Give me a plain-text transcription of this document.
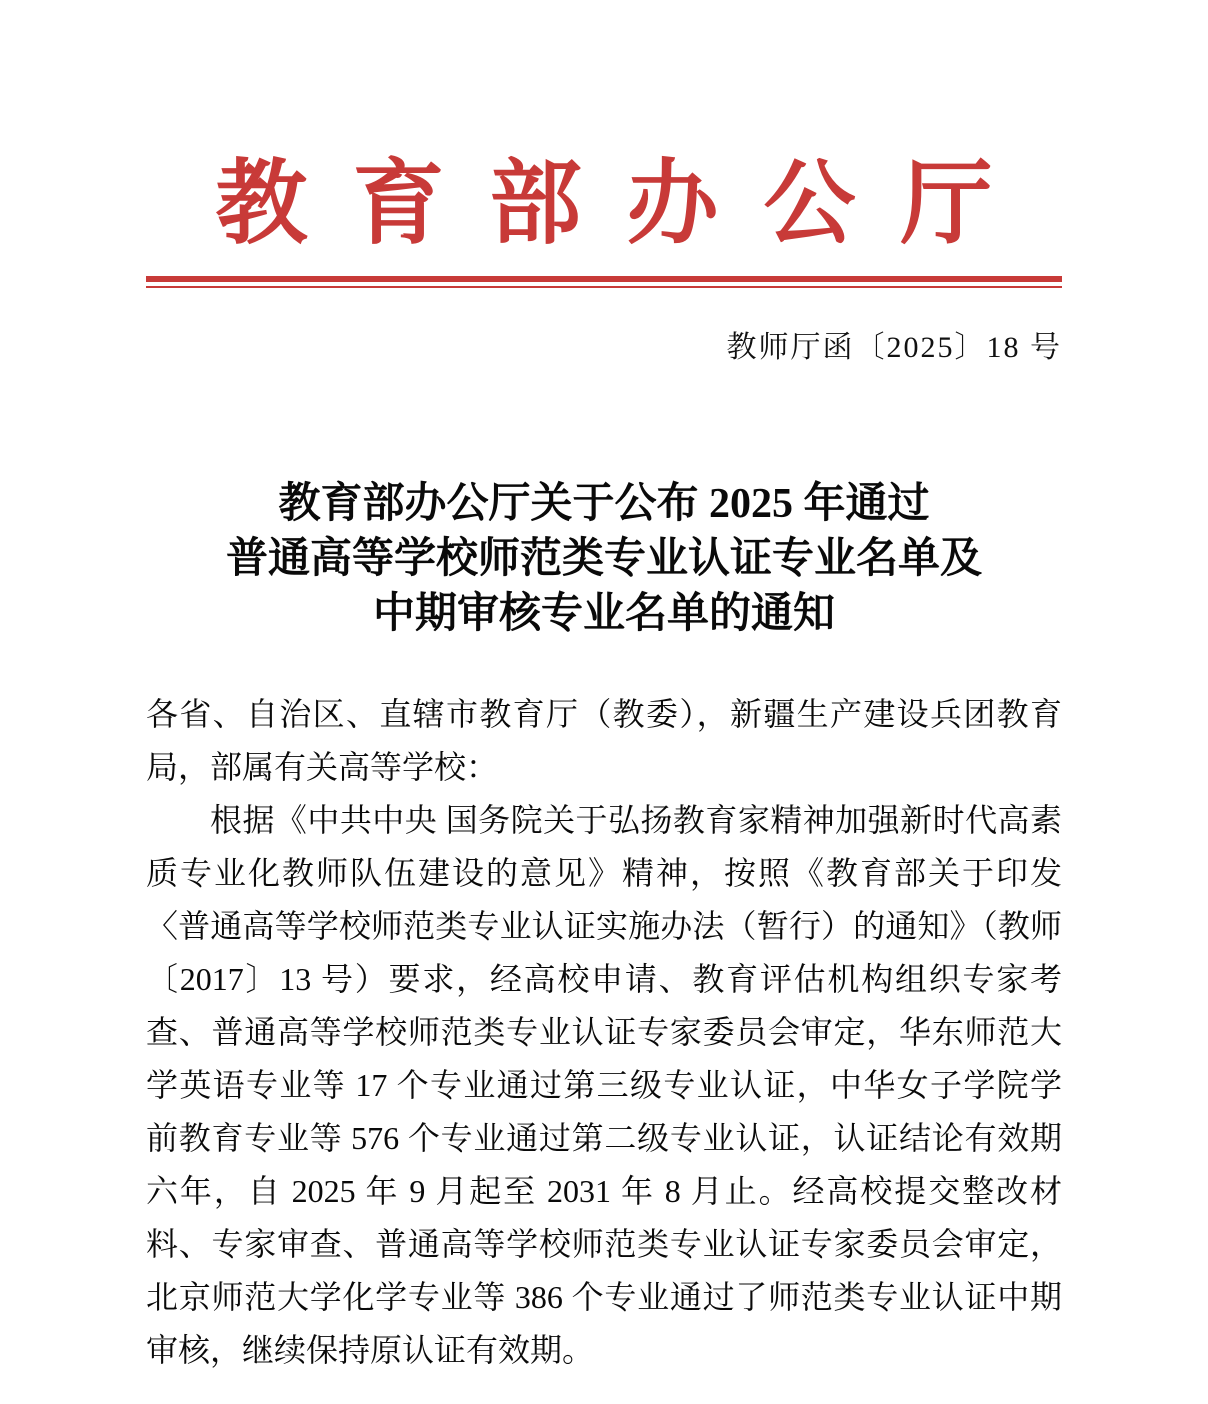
教育部办公厅
教师厅函〔2025〕18 号
教育部办公厅关于公布 2025 年通过
普通高等学校师范类专业认证专业名单及
中期审核专业名单的通知
各省、自治区、直辖市教育厅（教委），新疆生产建设兵团教育
局，部属有关高等学校：
根据《中共中央 国务院关于弘扬教育家精神加强新时代高素
质专业化教师队伍建设的意见》精神，按照《教育部关于印发
〈普通高等学校师范类专业认证实施办法（暂行）的通知》（教师
〔2017〕13 号）要求，经高校申请、教育评估机构组织专家考
查、普通高等学校师范类专业认证专家委员会审定，华东师范大
学英语专业等 17 个专业通过第三级专业认证，中华女子学院学
前教育专业等 576 个专业通过第二级专业认证，认证结论有效期
六年，自 2025 年 9 月起至 2031 年 8 月止。经高校提交整改材
料、专家审查、普通高等学校师范类专业认证专家委员会审定，
北京师范大学化学专业等 386 个专业通过了师范类专业认证中期
审核，继续保持原认证有效期。
